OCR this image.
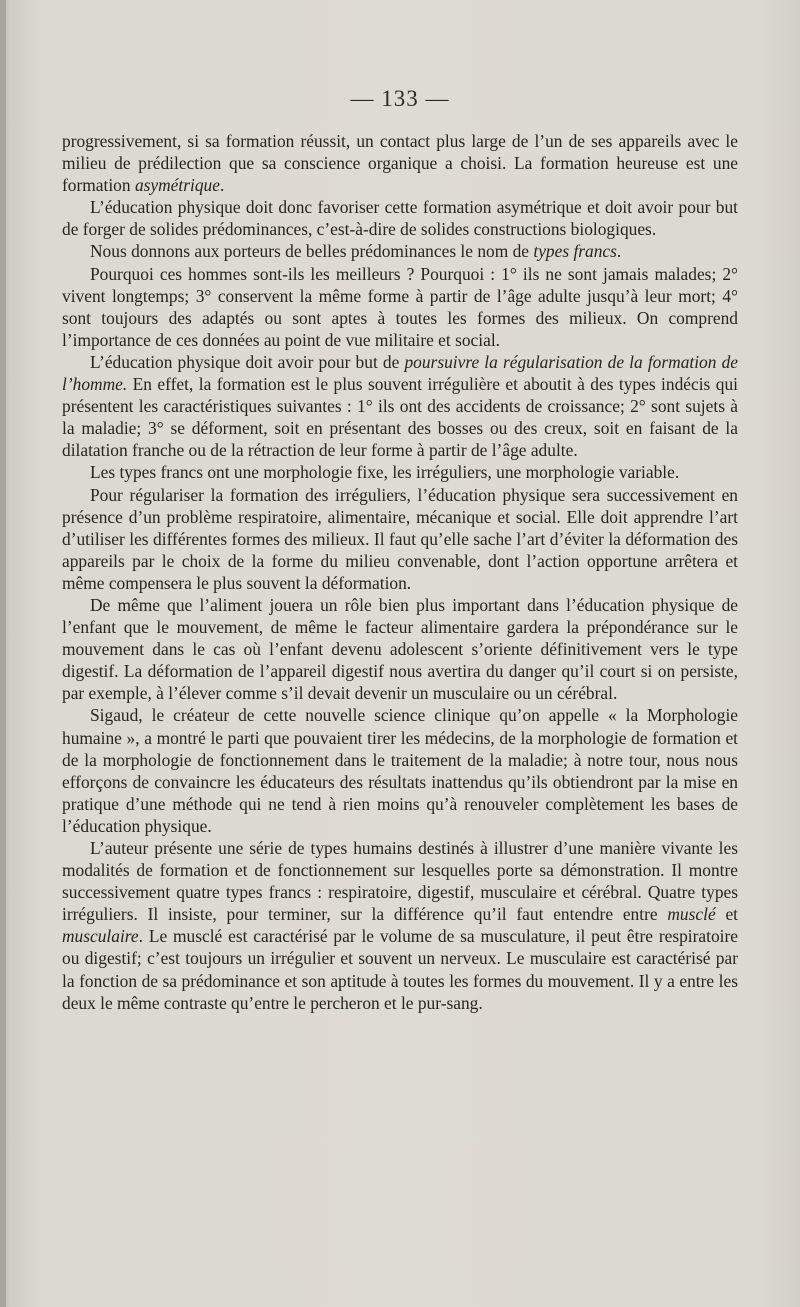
— 133 —

progressivement, si sa formation réussit, un contact plus large de l’un de ses appareils avec le milieu de prédilection que sa conscience organique a choisi. La formation heureuse est une formation asymétrique.

L’éducation physique doit donc favoriser cette formation asymétrique et doit avoir pour but de forger de solides prédominances, c’est-à-dire de solides constructions biologiques.

Nous donnons aux porteurs de belles prédominances le nom de types francs.

Pourquoi ces hommes sont-ils les meilleurs ? Pourquoi : 1° ils ne sont jamais malades; 2° vivent longtemps; 3° conservent la même forme à partir de l’âge adulte jusqu’à leur mort; 4° sont toujours des adaptés ou sont aptes à toutes les formes des milieux. On comprend l’importance de ces données au point de vue militaire et social.

L’éducation physique doit avoir pour but de poursuivre la régularisation de la formation de l’homme. En effet, la formation est le plus souvent irrégulière et aboutit à des types indécis qui présentent les caractéristiques suivantes : 1° ils ont des accidents de croissance; 2° sont sujets à la maladie; 3° se déforment, soit en présentant des bosses ou des creux, soit en faisant de la dilatation franche ou de la rétraction de leur forme à partir de l’âge adulte.

Les types francs ont une morphologie fixe, les irréguliers, une morphologie variable.

Pour régulariser la formation des irréguliers, l’éducation physique sera successivement en présence d’un problème respiratoire, alimentaire, mécanique et social. Elle doit apprendre l’art d’utiliser les différentes formes des milieux. Il faut qu’elle sache l’art d’éviter la déformation des appareils par le choix de la forme du milieu convenable, dont l’action opportune arrêtera et même compensera le plus souvent la déformation.

De même que l’aliment jouera un rôle bien plus important dans l’éducation physique de l’enfant que le mouvement, de même le facteur alimentaire gardera la prépondérance sur le mouvement dans le cas où l’enfant devenu adolescent s’oriente définitivement vers le type digestif. La déformation de l’appareil digestif nous avertira du danger qu’il court si on persiste, par exemple, à l’élever comme s’il devait devenir un musculaire ou un cérébral.

Sigaud, le créateur de cette nouvelle science clinique qu’on appelle « la Morphologie humaine », a montré le parti que pouvaient tirer les médecins, de la morphologie de formation et de la morphologie de fonctionnement dans le traitement de la maladie; à notre tour, nous nous efforçons de convaincre les éducateurs des résultats inattendus qu’ils obtiendront par la mise en pratique d’une méthode qui ne tend à rien moins qu’à renouveler complètement les bases de l’éducation physique.

L’auteur présente une série de types humains destinés à illustrer d’une manière vivante les modalités de formation et de fonctionnement sur lesquelles porte sa démonstration. Il montre successivement quatre types francs : respiratoire, digestif, musculaire et cérébral. Quatre types irréguliers. Il insiste, pour terminer, sur la différence qu’il faut entendre entre musclé et musculaire. Le musclé est caractérisé par le volume de sa musculature, il peut être respiratoire ou digestif; c’est toujours un irrégulier et souvent un nerveux. Le musculaire est caractérisé par la fonction de sa prédominance et son aptitude à toutes les formes du mouvement. Il y a entre les deux le même contraste qu’entre le percheron et le pur-sang.
